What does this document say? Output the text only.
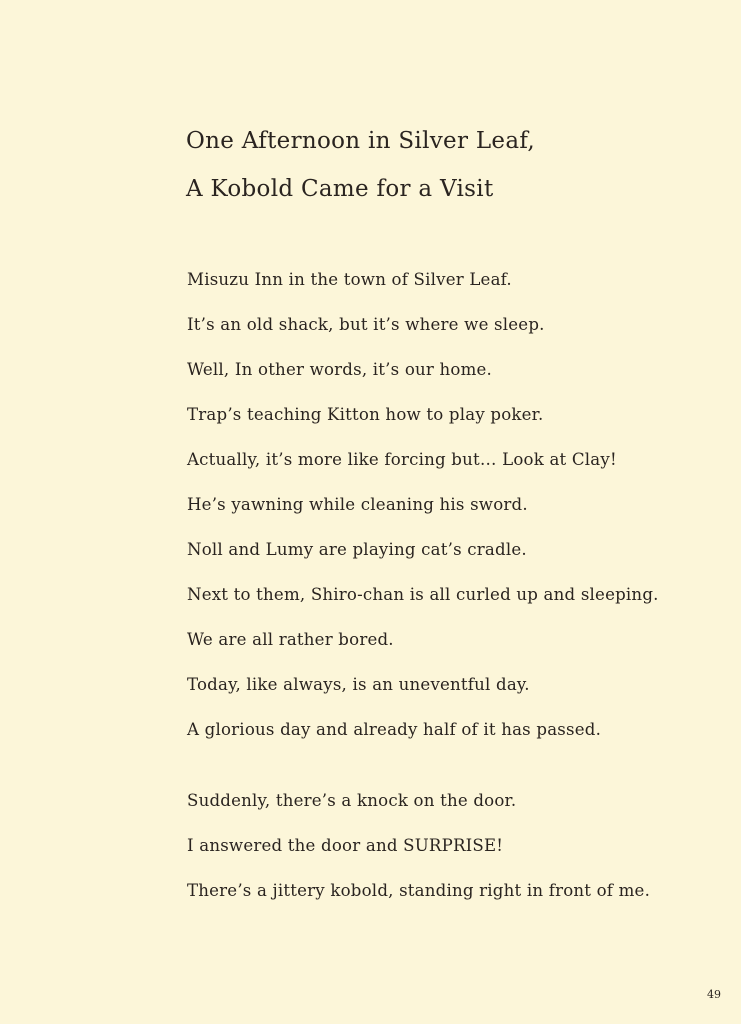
One Afternoon in Silver Leaf,
A Kobold Came for a Visit
Misuzu Inn in the town of Silver Leaf.
It’s an old shack, but it’s where we sleep.
Well, In other words, it’s our home.
Trap’s teaching Kitton how to play poker.
Actually, it’s more like forcing but… Look at Clay!
He’s yawning while cleaning his sword.
Noll and Lumy are playing cat’s cradle.
Next to them, Shiro-chan is all curled up and sleeping.
We are all rather bored.
Today, like always, is an uneventful day.
A glorious day and already half of it has passed.
Suddenly, there’s a knock on the door.
I answered the door and SURPRISE!
There’s a jittery kobold, standing right in front of me.
49
